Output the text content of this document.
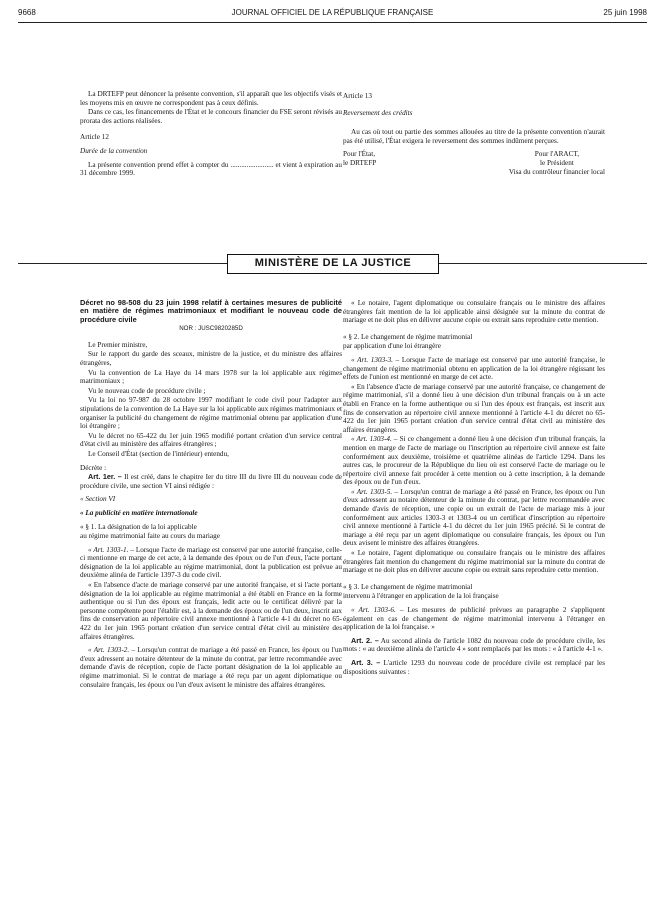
9668	JOURNAL OFFICIEL DE LA RÉPUBLIQUE FRANÇAISE	25 juin 1998

La DRTEFP peut dénoncer la présente convention, s'il apparaît que les objectifs visés et les moyens mis en œuvre ne correspondent pas à ceux définis.

Dans ce cas, les financements de l'État et le concours financier du FSE seront révisés au prorata des actions réalisées.

Article 12

Durée de la convention

La présente convention prend effet à compter du ........................ et vient à expiration au 31 décembre 1999.

Article 13

Reversement des crédits

Au cas où tout ou partie des sommes allouées au titre de la présente convention n'aurait pas été utilisé, l'État exigera le reversement des sommes indûment perçues.

Pour l'État,
le DRTEFP
Pour l'ARACT,
le Président
Visa du contrôleur financier local
MINISTÈRE DE LA JUSTICE
Décret no 98-508 du 23 juin 1998 relatif à certaines mesures de publicité en matière de régimes matrimoniaux et modifiant le nouveau code de procédure civile
NOR : JUSC9820285D

Le Premier ministre,

Sur le rapport du garde des sceaux, ministre de la justice, et du ministre des affaires étrangères,

Vu la convention de La Haye du 14 mars 1978 sur la loi applicable aux régimes matrimoniaux ;

Vu le nouveau code de procédure civile ;

Vu la loi no 97-987 du 28 octobre 1997 modifiant le code civil pour l'adapter aux stipulations de la convention de La Haye sur la loi applicable aux régimes matrimoniaux et organiser la publicité du changement de régime matrimonial obtenu par application d'une loi étrangère ;

Vu le décret no 65-422 du 1er juin 1965 modifié portant création d'un service central d'état civil au ministère des affaires étrangères ;

Le Conseil d'État (section de l'intérieur) entendu,

Décrète :

Art. 1er. – Il est créé, dans le chapitre Ier du titre III du livre III du nouveau code de procédure civile, une section VI ainsi rédigée :

« Section VI

« La publicité en matière internationale

« § 1. La désignation de la loi applicable

au régime matrimonial faite au cours du mariage

« Art. 1303-1. – Lorsque l'acte de mariage est conservé par une autorité française, celle-ci mentionne en marge de cet acte, à la demande des époux ou de l'un d'eux, l'acte portant désignation de la loi applicable au régime matrimonial, dont la publication est prévue au deuxième alinéa de l'article 1397-3 du code civil.

« En l'absence d'acte de mariage conservé par une autorité française, et si l'acte portant désignation de la loi applicable au régime matrimonial a été établi en France en la forme authentique ou si l'un des époux est français, ledit acte ou le certificat délivré par la personne compétente pour l'établir est, à la demande des époux ou de l'un deux, inscrit aux fins de conservation au répertoire civil annexe mentionné à l'article 4-1 du décret no 65-422 du 1er juin 1965 portant création d'un service central d'état civil au ministère des affaires étrangères.

« Art. 1303-2. – Lorsqu'un contrat de mariage a été passé en France, les époux ou l'un d'eux adressent au notaire détenteur de la minute du contrat, par lettre recommandée avec demande d'avis de réception, copie de l'acte portant désignation de la loi applicable au régime matrimonial. Si le contrat de mariage a été reçu par un agent diplomatique ou consulaire français, les époux ou l'un d'eux avisent le ministre des affaires étrangères.

« Le notaire, l'agent diplomatique ou consulaire français ou le ministre des affaires étrangères fait mention de la loi applicable ainsi désignée sur la minute du contrat de mariage et ne doit plus en délivrer aucune copie ou extrait sans reproduire cette mention.

« § 2. Le changement de régime matrimonial

par application d'une loi étrangère

« Art. 1303-3. – Lorsque l'acte de mariage est conservé par une autorité française, le changement de régime matrimonial obtenu en application de la loi étrangère régissant les effets de l'union est mentionné en marge de cet acte.

« En l'absence d'acte de mariage conservé par une autorité française, ce changement de régime matrimonial, s'il a donné lieu à une décision d'un tribunal français ou à un acte établi en France en la forme authentique ou si l'un des époux est français, est inscrit aux fins de conservation au répertoire civil annexe mentionné à l'article 4-1 du décret no 65-422 du 1er juin 1965 portant création d'un service central d'état civil au ministère des affaires étrangères.

« Art. 1303-4. – Si ce changement a donné lieu à une décision d'un tribunal français, la mention en marge de l'acte de mariage ou l'inscription au répertoire civil annexe est faite conformément aux deuxième, troisième et quatrième alinéas de l'article 1294. Dans les autres cas, le procureur de la République du lieu où est conservé l'acte de mariage ou le répertoire civil annexe fait procéder à cette mention ou à cette inscription, à la demande des époux ou de l'un d'eux.

« Art. 1303-5. – Lorsqu'un contrat de mariage a été passé en France, les époux ou l'un d'eux adressent au notaire détenteur de la minute du contrat, par lettre recommandée avec demande d'avis de réception, une copie ou un extrait de l'acte de mariage mis à jour conformément aux articles 1303-3 et 1303-4 ou un certificat d'inscription au répertoire civil annexe mentionné à l'article 4-1 du décret du 1er juin 1965 précité. Si le contrat de mariage a été reçu par un agent diplomatique ou consulaire français, les époux ou l'un deux avisent le ministre des affaires étrangères.

« Le notaire, l'agent diplomatique ou consulaire français ou le ministre des affaires étrangères fait mention du changement du régime matrimonial sur la minute du contrat de mariage et ne doit plus en délivrer aucune copie ou extrait sans reproduire cette mention.

« § 3. Le changement de régime matrimonial

intervenu à l'étranger en application de la loi française

« Art. 1303-6. – Les mesures de publicité prévues au paragraphe 2 s'appliquent également en cas de changement de régime matrimonial intervenu à l'étranger en application de la loi française. »

Art. 2. – Au second alinéa de l'article 1082 du nouveau code de procédure civile, les mots : « au deuxième alinéa de l'article 4 » sont remplacés par les mots : « à l'article 4-1 ».

Art. 3. – L'article 1293 du nouveau code de procédure civile est remplacé par les dispositions suivantes :
